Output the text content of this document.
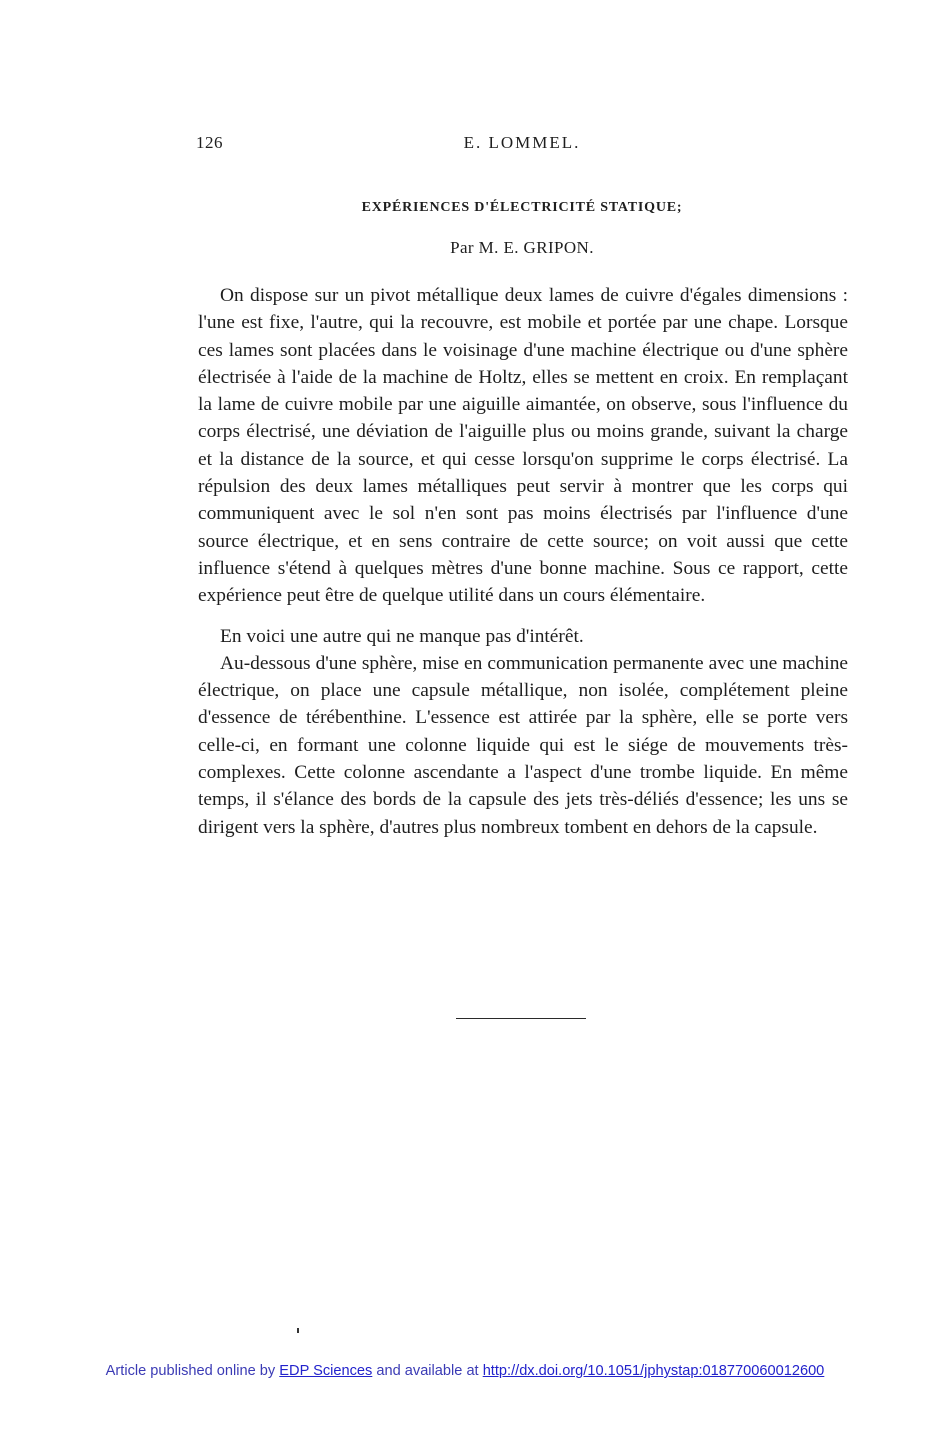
126	E. LOMMEL.
EXPÉRIENCES D'ÉLECTRICITÉ STATIQUE;
Par M. E. GRIPON.

On dispose sur un pivot métallique deux lames de cuivre d'égales dimensions : l'une est fixe, l'autre, qui la recouvre, est mobile et portée par une chape. Lorsque ces lames sont placées dans le voisinage d'une machine électrique ou d'une sphère électrisée à l'aide de la machine de Holtz, elles se mettent en croix. En remplaçant la lame de cuivre mobile par une aiguille aimantée, on observe, sous l'influence du corps électrisé, une déviation de l'aiguille plus ou moins grande, suivant la charge et la distance de la source, et qui cesse lorsqu'on supprime le corps électrisé. La répulsion des deux lames métalliques peut servir à montrer que les corps qui communiquent avec le sol n'en sont pas moins électrisés par l'influence d'une source électrique, et en sens contraire de cette source; on voit aussi que cette influence s'étend à quelques mètres d'une bonne machine. Sous ce rapport, cette expérience peut être de quelque utilité dans un cours élémentaire.

En voici une autre qui ne manque pas d'intérêt.

Au-dessous d'une sphère, mise en communication permanente avec une machine électrique, on place une capsule métallique, non isolée, complétement pleine d'essence de térébenthine. L'essence est attirée par la sphère, elle se porte vers celle-ci, en formant une colonne liquide qui est le siége de mouvements très-complexes. Cette colonne ascendante a l'aspect d'une trombe liquide. En même temps, il s'élance des bords de la capsule des jets très-déliés d'essence; les uns se dirigent vers la sphère, d'autres plus nombreux tombent en dehors de la capsule.

Article published online by EDP Sciences and available at http://dx.doi.org/10.1051/jphystap:018770060012600
